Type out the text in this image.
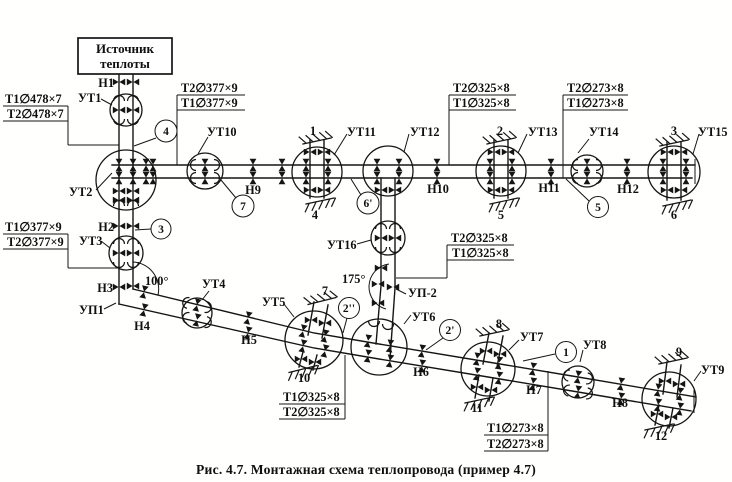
Источник
теплоты
УТ1
УТ2
УТ3
УТ4
УТ5
УТ6
УТ7
УТ8
УТ9
УТ10	УТ11	УТ12	УТ13	УТ14	УТ15
УТ16
УП1
УП-2
Н1
Н2
Н3
Н4
Н5
Н6
Н7
Н8
Н9	Н10	Н11	Н12
4
3
7	6'	5
2''
2'
1
1	2	3
4	5	6
7
8
9
10
11
12
100°	175°
Т1∅478×7
Т2∅478×7
Т1∅377×9
Т2∅377×9
Т2∅377×9
Т1∅377×9
Т2∅325×8
Т1∅325×8
Т2∅273×8
Т1∅273×8
Т2∅325×8
Т1∅325×8
Т1∅325×8
Т2∅325×8
Т1∅273×8
Т2∅273×8
Рис. 4.7. Монтажная схема теплопровода (пример 4.7)
